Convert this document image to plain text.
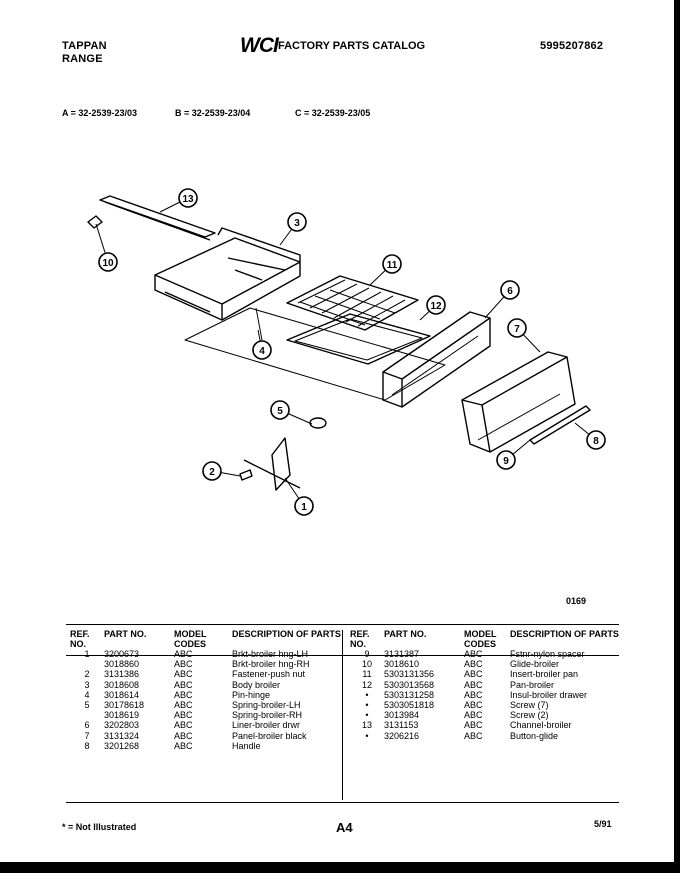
TAPPAN
RANGE
WCI FACTORY PARTS CATALOG	5995207862
A = 32-2539-23/03	B = 32-2539-23/04	C = 32-2539-23/05
13
10
3
11
12
6
7
4
5
2
1
8
9
0169
REF. NO.	PART NO.	MODEL CODES	DESCRIPTION OF PARTS
1	3200673	ABC	Brkt-broiler hng-LH
	3018860	ABC	Brkt-broiler hng-RH
2	3131386	ABC	Fastener-push nut
3	3018608	ABC	Body broiler
4	3018614	ABC	Pin-hinge
5	30178618	ABC	Spring-broiler-LH
	3018619	ABC	Spring-broiler-RH
6	3202803	ABC	Liner-broiler drwr
7	3131324	ABC	Panel-broiler black
8	3201268	ABC	Handle
REF. NO.	PART NO.	MODEL CODES	DESCRIPTION OF PARTS
9	3131387	ABC	Fstnr-nylon spacer
10	3018610	ABC	Glide-broiler
11	5303131356	ABC	Insert-broiler pan
12	5303013568	ABC	Pan-broiler
•	5303131258	ABC	Insul-broiler drawer
•	5303051818	ABC	Screw (7)
•	3013984	ABC	Screw (2)
13	3131153	ABC	Channel-broiler
•	3206216	ABC	Button-glide
* = Not Illustrated	A4	5/91
